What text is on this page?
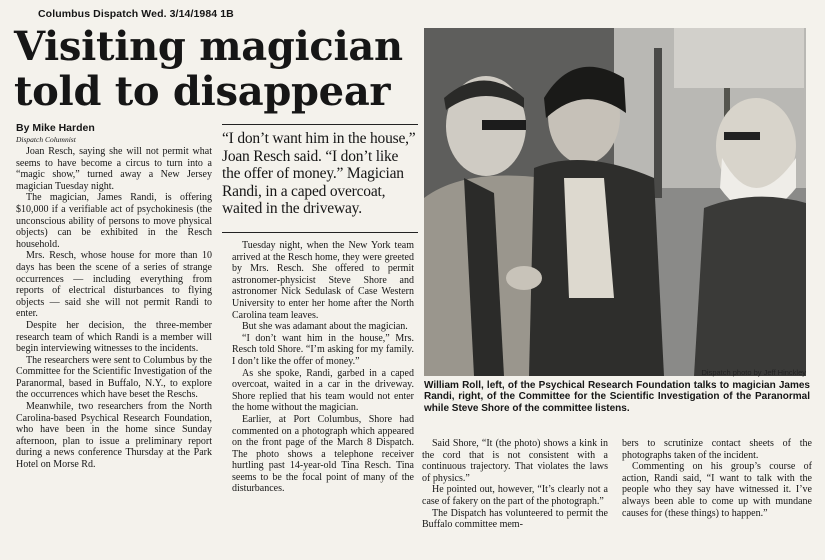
Columbus Dispatch Wed. 3/14/1984 1B
Visiting magician
told to disappear
By Mike Harden
Dispatch Columnist

Joan Resch, saying she will not permit what seems to have become a circus to turn into a “magic show,” turned away a New Jersey magician Tuesday night.

The magician, James Randi, is offering $10,000 if a verifiable act of psychokinesis (the unconscious ability of persons to move physical objects) can be exhibited in the Resch household.

Mrs. Resch, whose house for more than 10 days has been the scene of a series of strange occurrences — including everything from reports of electrical disturbances to flying objects — said she will not permit Randi to enter.

Despite her decision, the three-member research team of which Randi is a member will begin interviewing witnesses to the incidents.

The researchers were sent to Columbus by the Committee for the Scientific Investigation of the Paranormal, based in Buffalo, N.Y., to explore the occurrences which have beset the Reschs.

Meanwhile, two researchers from the North Carolina-based Psychical Research Foundation, who have been in the home since Sunday afternoon, plan to issue a preliminary report during a news conference Thursday at the Park Hotel on Morse Rd.

“I don’t want him in the house,” Joan Resch said. “I don’t like the offer of money.” Magician Randi, in a caped overcoat, waited in the driveway.

Tuesday night, when the New York team arrived at the Resch home, they were greeted by Mrs. Resch. She offered to permit astronomer-physicist Steve Shore and astronomer Nick Sedulask of Case Western University to enter her home after the North Carolina team leaves.

But she was adamant about the magician.

“I don’t want him in the house,” Mrs. Resch told Shore. “I’m asking for my family. I don’t like the offer of money.”

As she spoke, Randi, garbed in a caped overcoat, waited in a car in the driveway. Shore replied that his team would not enter the home without the magician.

Earlier, at Port Columbus, Shore had commented on a photograph which appeared on the front page of the March 8 Dispatch. The photo shows a telephone receiver hurtling past 14-year-old Tina Resch. Tina seems to be the focal point of many of the disturbances.

Dispatch photo by Jeff Hinckley
William Roll, left, of the Psychical Research Foundation talks to magician James Randi, right, of the Committee for the Scientific Investigation of the Paranormal while Steve Shore of the committee listens.

Said Shore, “It (the photo) shows a kink in the cord that is not consistent with a continuous trajectory. That violates the laws of physics.”

He pointed out, however, “It’s clearly not a case of fakery on the part of the photograph.”

The Dispatch has volunteered to permit the Buffalo committee mem-

bers to scrutinize contact sheets of the photographs taken of the incident.

Commenting on his group’s course of action, Randi said, “I want to talk with the people who they say have witnessed it. I’ve always been able to come up with mundane causes for (these things) to happen.”
